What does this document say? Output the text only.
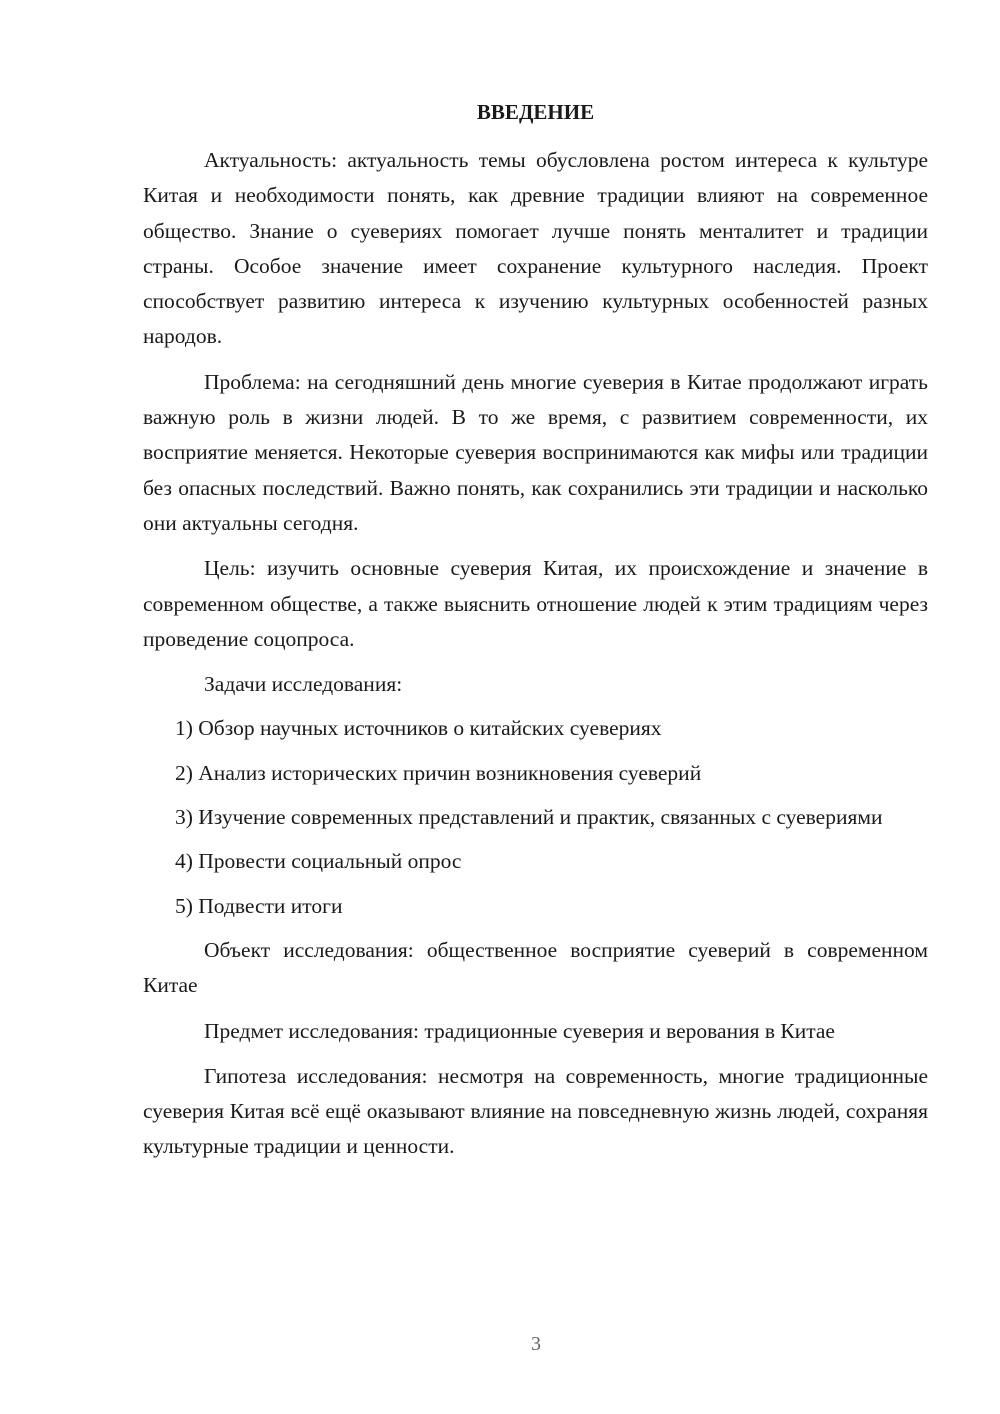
ВВЕДЕНИЕ

Актуальность: актуальность темы обусловлена ростом интереса к культуре Китая и необходимости понять, как древние традиции влияют на современное общество. Знание о суевериях помогает лучше понять менталитет и традиции страны. Особое значение имеет сохранение культурного наследия. Проект способствует развитию интереса к изучению культурных особенностей разных народов.

Проблема: на сегодняшний день многие суеверия в Китае продолжают играть важную роль в жизни людей. В то же время, с развитием современности, их восприятие меняется. Некоторые суеверия воспринимаются как мифы или традиции без опасных последствий. Важно понять, как сохранились эти традиции и насколько они актуальны сегодня.

Цель: изучить основные суеверия Китая, их происхождение и значение в современном обществе, а также выяснить отношение людей к этим традициям через проведение соцопроса.

Задачи исследования:

1) Обзор научных источников о китайских суевериях

2) Анализ исторических причин возникновения суеверий

3) Изучение современных представлений и практик, связанных с суевериями

4) Провести социальный опрос

5) Подвести итоги

Объект исследования: общественное восприятие суеверий в современном Китае

Предмет исследования: традиционные суеверия и верования в Китае

Гипотеза исследования: несмотря на современность, многие традиционные суеверия Китая всё ещё оказывают влияние на повседневную жизнь людей, сохраняя культурные традиции и ценности.

3
